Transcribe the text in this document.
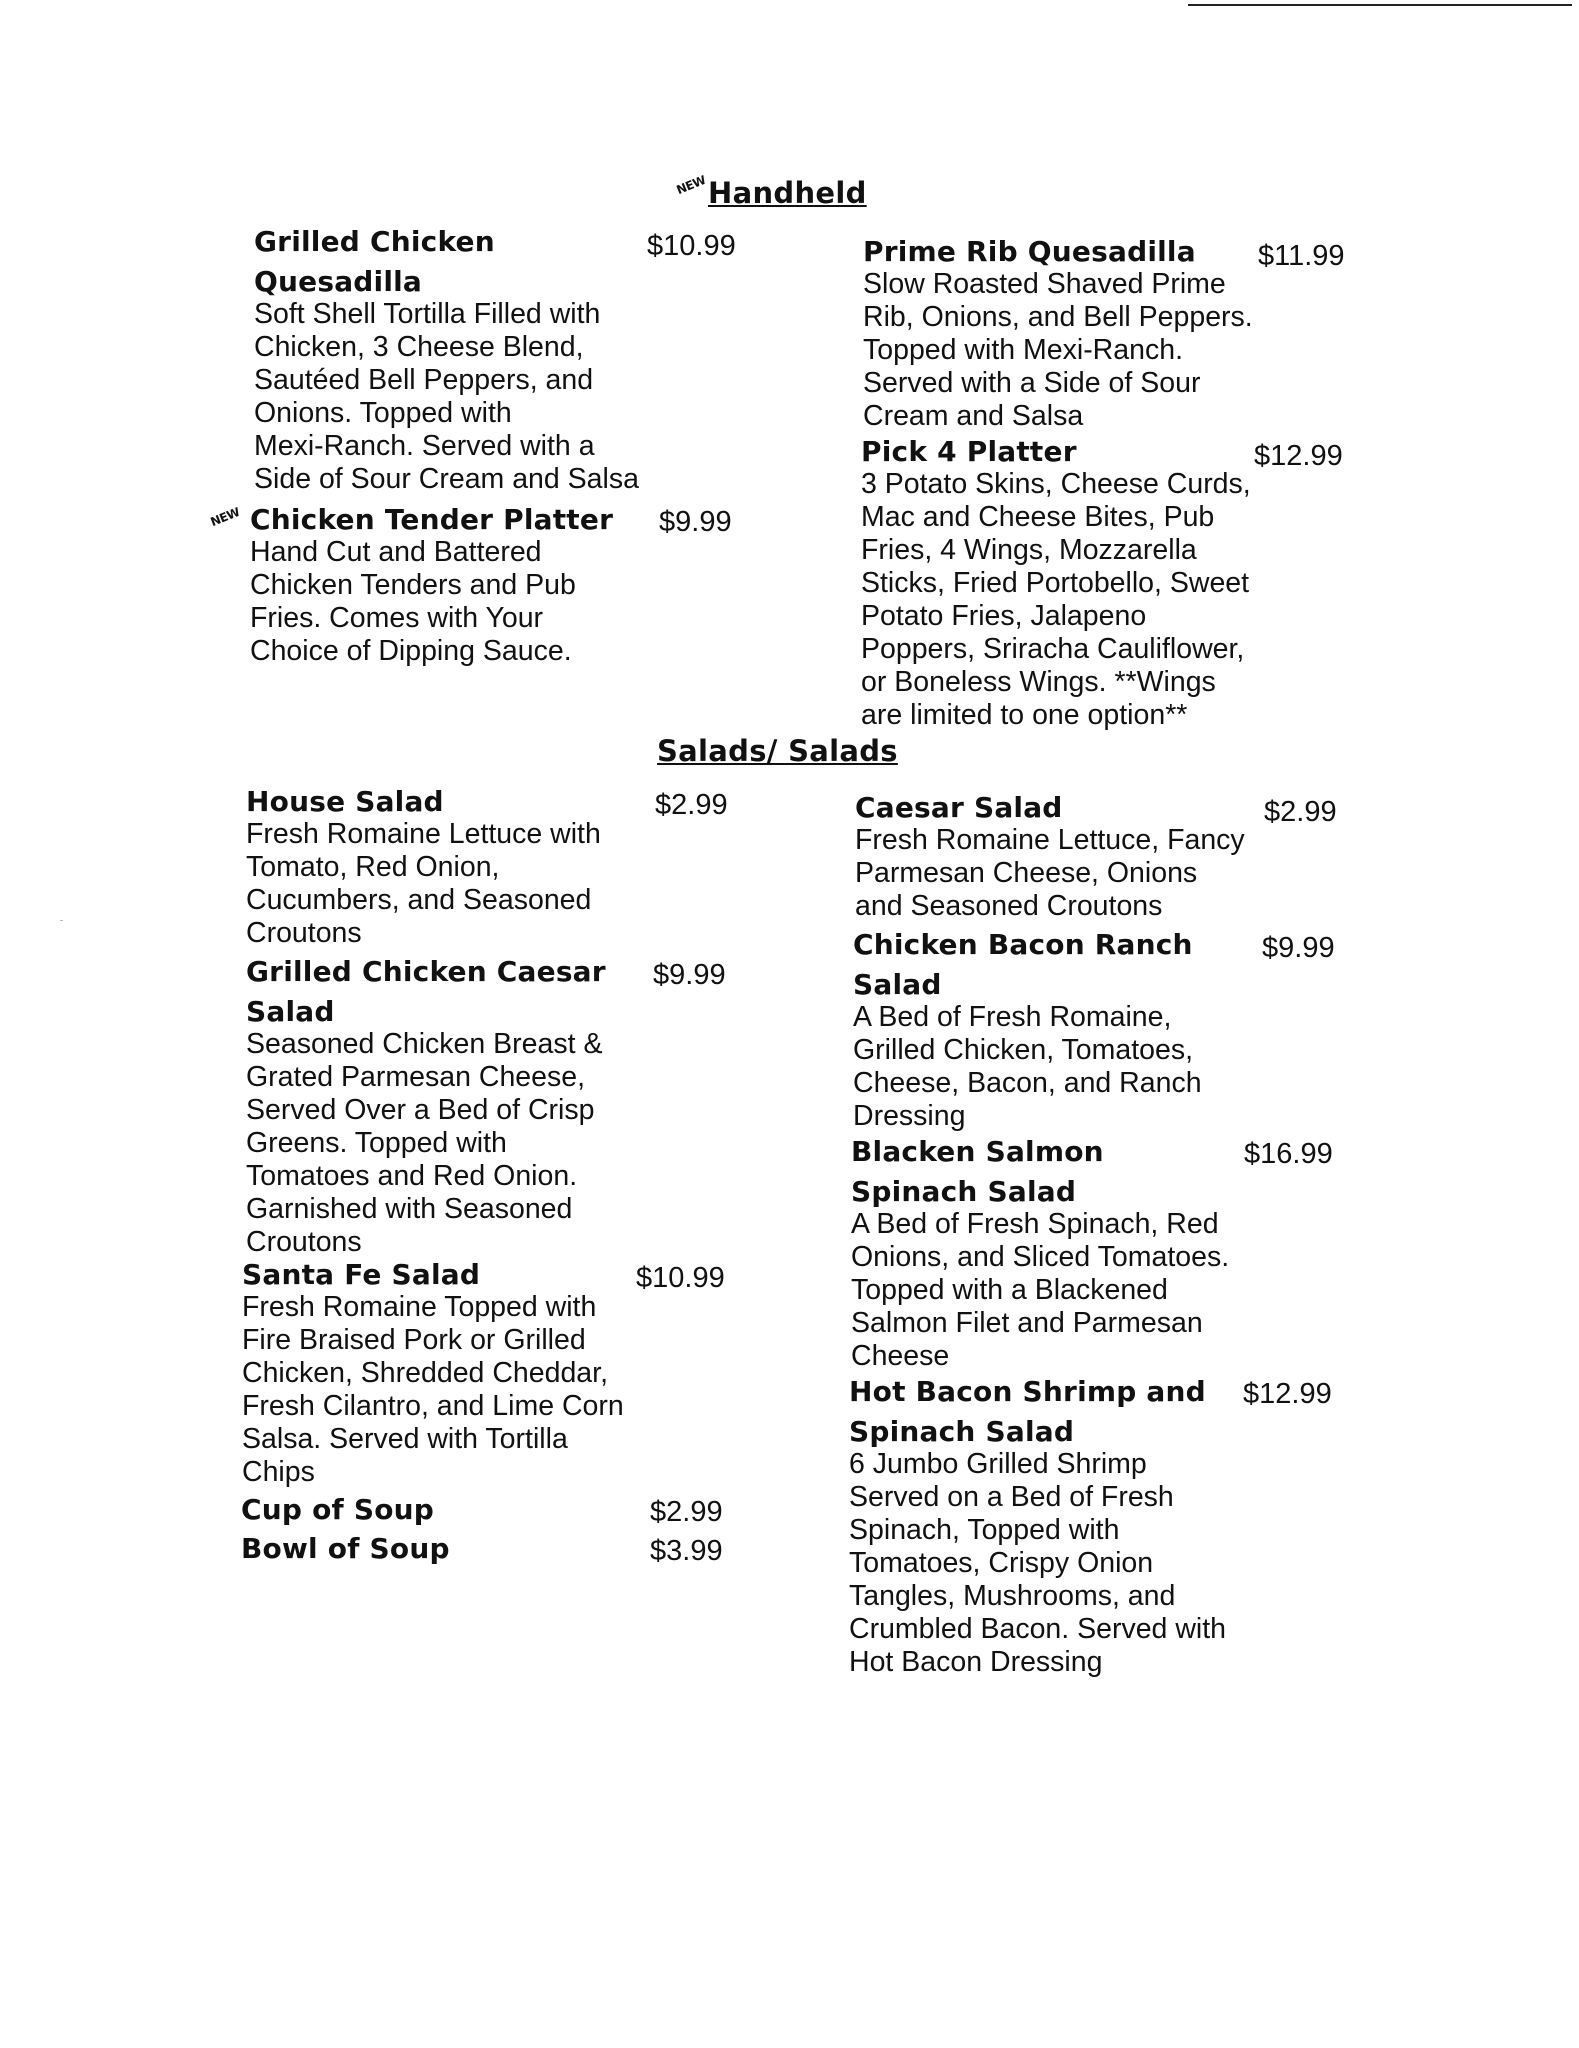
NEW Handheld
Grilled Chicken
Quesadilla
Soft Shell Tortilla Filled with
Chicken, 3 Cheese Blend,
Sautéed Bell Peppers, and
Onions. Topped with
Mexi-Ranch. Served with a
Side of Sour Cream and Salsa
$10.99
NEW Chicken Tender Platter
Hand Cut and Battered
Chicken Tenders and Pub
Fries. Comes with Your
Choice of Dipping Sauce.
$9.99
Prime Rib Quesadilla
Slow Roasted Shaved Prime
Rib, Onions, and Bell Peppers.
Topped with Mexi-Ranch.
Served with a Side of Sour
Cream and Salsa
$11.99
Pick 4 Platter
3 Potato Skins, Cheese Curds,
Mac and Cheese Bites, Pub
Fries, 4 Wings, Mozzarella
Sticks, Fried Portobello, Sweet
Potato Fries, Jalapeno
Poppers, Sriracha Cauliflower,
or Boneless Wings. **Wings
are limited to one option**
$12.99
Salads/ Salads
House Salad
Fresh Romaine Lettuce with
Tomato, Red Onion,
Cucumbers, and Seasoned
Croutons
$2.99
Grilled Chicken Caesar
Salad
Seasoned Chicken Breast &
Grated Parmesan Cheese,
Served Over a Bed of Crisp
Greens. Topped with
Tomatoes and Red Onion.
Garnished with Seasoned
Croutons
$9.99
Santa Fe Salad
Fresh Romaine Topped with
Fire Braised Pork or Grilled
Chicken, Shredded Cheddar,
Fresh Cilantro, and Lime Corn
Salsa. Served with Tortilla
Chips
$10.99
Cup of Soup	$2.99
Bowl of Soup	$3.99
Caesar Salad
Fresh Romaine Lettuce, Fancy
Parmesan Cheese, Onions
and Seasoned Croutons
$2.99
Chicken Bacon Ranch
Salad
A Bed of Fresh Romaine,
Grilled Chicken, Tomatoes,
Cheese, Bacon, and Ranch
Dressing
$9.99
Blacken Salmon
Spinach Salad
A Bed of Fresh Spinach, Red
Onions, and Sliced Tomatoes.
Topped with a Blackened
Salmon Filet and Parmesan
Cheese
$16.99
Hot Bacon Shrimp and
Spinach Salad
6 Jumbo Grilled Shrimp
Served on a Bed of Fresh
Spinach, Topped with
Tomatoes, Crispy Onion
Tangles, Mushrooms, and
Crumbled Bacon. Served with
Hot Bacon Dressing
$12.99
